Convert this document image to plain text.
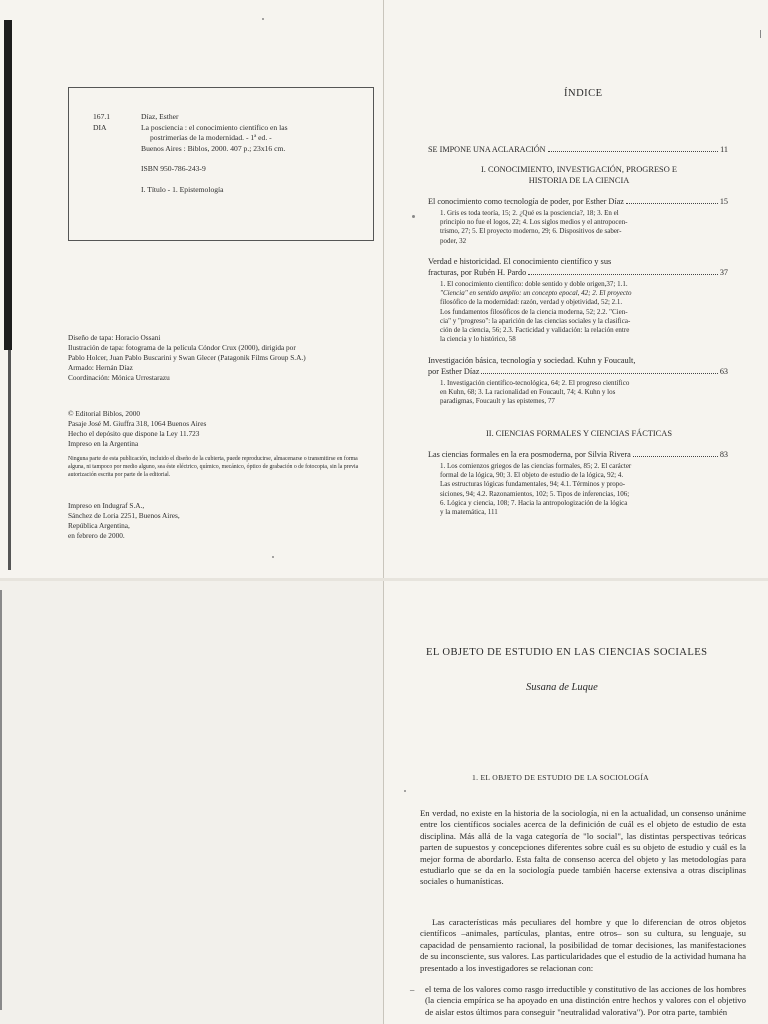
167.1

DIA

Díaz, Esther

La posciencia : el conocimiento científico en las

postrimerías de la modernidad. - 1ª ed. -

Buenos Aires : Biblos, 2000. 407 p.; 23x16 cm.

ISBN 950-786-243-9

I. Título - 1. Epistemología

Diseño de tapa: Horacio Ossani

Ilustración de tapa: fotograma de la película Cóndor Crux (2000), dirigida por

Pablo Holcer, Juan Pablo Buscarini y Swan Glecer (Patagonik Films Group S.A.)

Armado: Hernán Díaz

Coordinación: Mónica Urrestarazu

© Editorial Biblos, 2000

Pasaje José M. Giuffra 318, 1064 Buenos Aires

Hecho el depósito que dispone la Ley 11.723

Impreso en la Argentina

Ninguna parte de esta publicación, incluido el diseño de la cubierta, puede reproducirse, almacenarse o transmitirse en forma alguna, ni tampoco por medio alguno, sea éste eléctrico, químico, mecánico, óptico de grabación o de fotocopia, sin la previa autorización escrita por parte de la editorial.

Impreso en Indugraf S.A.,

Sánchez de Loria 2251, Buenos Aires,

República Argentina,

en febrero de 2000.

ÍNDICE
SE IMPONE UNA ACLARACIÓN	11
I. CONOCIMIENTO, INVESTIGACIÓN, PROGRESO E
HISTORIA DE LA CIENCIA
El conocimiento como tecnología de poder, por Esther Díaz	15
1. Gris es toda teoría, 15; 2. ¿Qué es la posciencia?, 18; 3. En el
principio no fue el logos, 22; 4. Los siglos medios y el antropocen-
trismo, 27; 5. El proyecto moderno, 29; 6. Dispositivos de saber-
poder, 32
Verdad e historicidad. El conocimiento científico y sus
fracturas, por Rubén H. Pardo	37
1. El conocimiento científico: doble sentido y doble origen,37; 1.1.
"Ciencia" en sentido amplio: un concepto epocal, 42; 2. El proyecto
filosófico de la modernidad: razón, verdad y objetividad, 52; 2.1.
Los fundamentos filosóficos de la ciencia moderna, 52; 2.2. "Cien-
cia" y "progreso": la aparición de las ciencias sociales y la clasifica-
ción de la ciencia, 56; 2.3. Facticidad y validación: la relación entre
la ciencia y lo histórico, 58
Investigación básica, tecnología y sociedad. Kuhn y Foucault,
por Esther Díaz	63
1. Investigación científico-tecnológica, 64; 2. El progreso científico
en Kuhn, 68; 3. La racionalidad en Foucault, 74; 4. Kuhn y los
paradigmas, Foucault y las epistemes, 77
II. CIENCIAS FORMALES Y CIENCIAS FÁCTICAS
Las ciencias formales en la era posmoderna, por Silvia Rivera	83
1. Los comienzos griegos de las ciencias formales, 85; 2. El carácter
formal de la lógica, 90; 3. El objeto de estudio de la lógica, 92; 4.
Las estructuras lógicas fundamentales, 94; 4.1. Términos y propo-
siciones, 94; 4.2. Razonamientos, 102; 5. Tipos de inferencias, 106;
6. Lógica y ciencia, 108; 7. Hacia la antropologización de la lógica
y la matemática, 111
EL OBJETO DE ESTUDIO EN LAS CIENCIAS SOCIALES
Susana de Luque
1. EL OBJETO DE ESTUDIO DE LA SOCIOLOGÍA

En verdad, no existe en la historia de la sociología, ni en la actualidad, un consenso unánime entre los científicos sociales acerca de la definición de cuál es el objeto de estudio de esta disciplina. Más allá de la vaga categoría de "lo social", las distintas perspectivas teóricas parten de supuestos y concepciones diferentes sobre cuál es su objeto de estudio y cuál es la mejor forma de abordarlo. Esta falta de consenso acerca del objeto y las metodologías para estudiarlo que se da en la sociología puede también hacerse extensiva a otras disciplinas sociales o humanísticas.

Las características más peculiares del hombre y que lo diferencian de otros objetos científicos –animales, partículas, plantas, entre otros– son su cultura, su lenguaje, su capacidad de pensamiento racional, la posibilidad de tomar decisiones, las manifestaciones de su inconsciente, sus valores. Las particularidades que el estudio de la actividad humana ha presentado a los investigadores se relacionan con:

–	el tema de los valores como rasgo irreductible y constitutivo de las acciones de los hombres (la ciencia empírica se ha apoyado en una distinción entre hechos y valores con el objetivo de aislar estos últimos para conseguir "neutralidad valorativa"). Por otra parte, también
